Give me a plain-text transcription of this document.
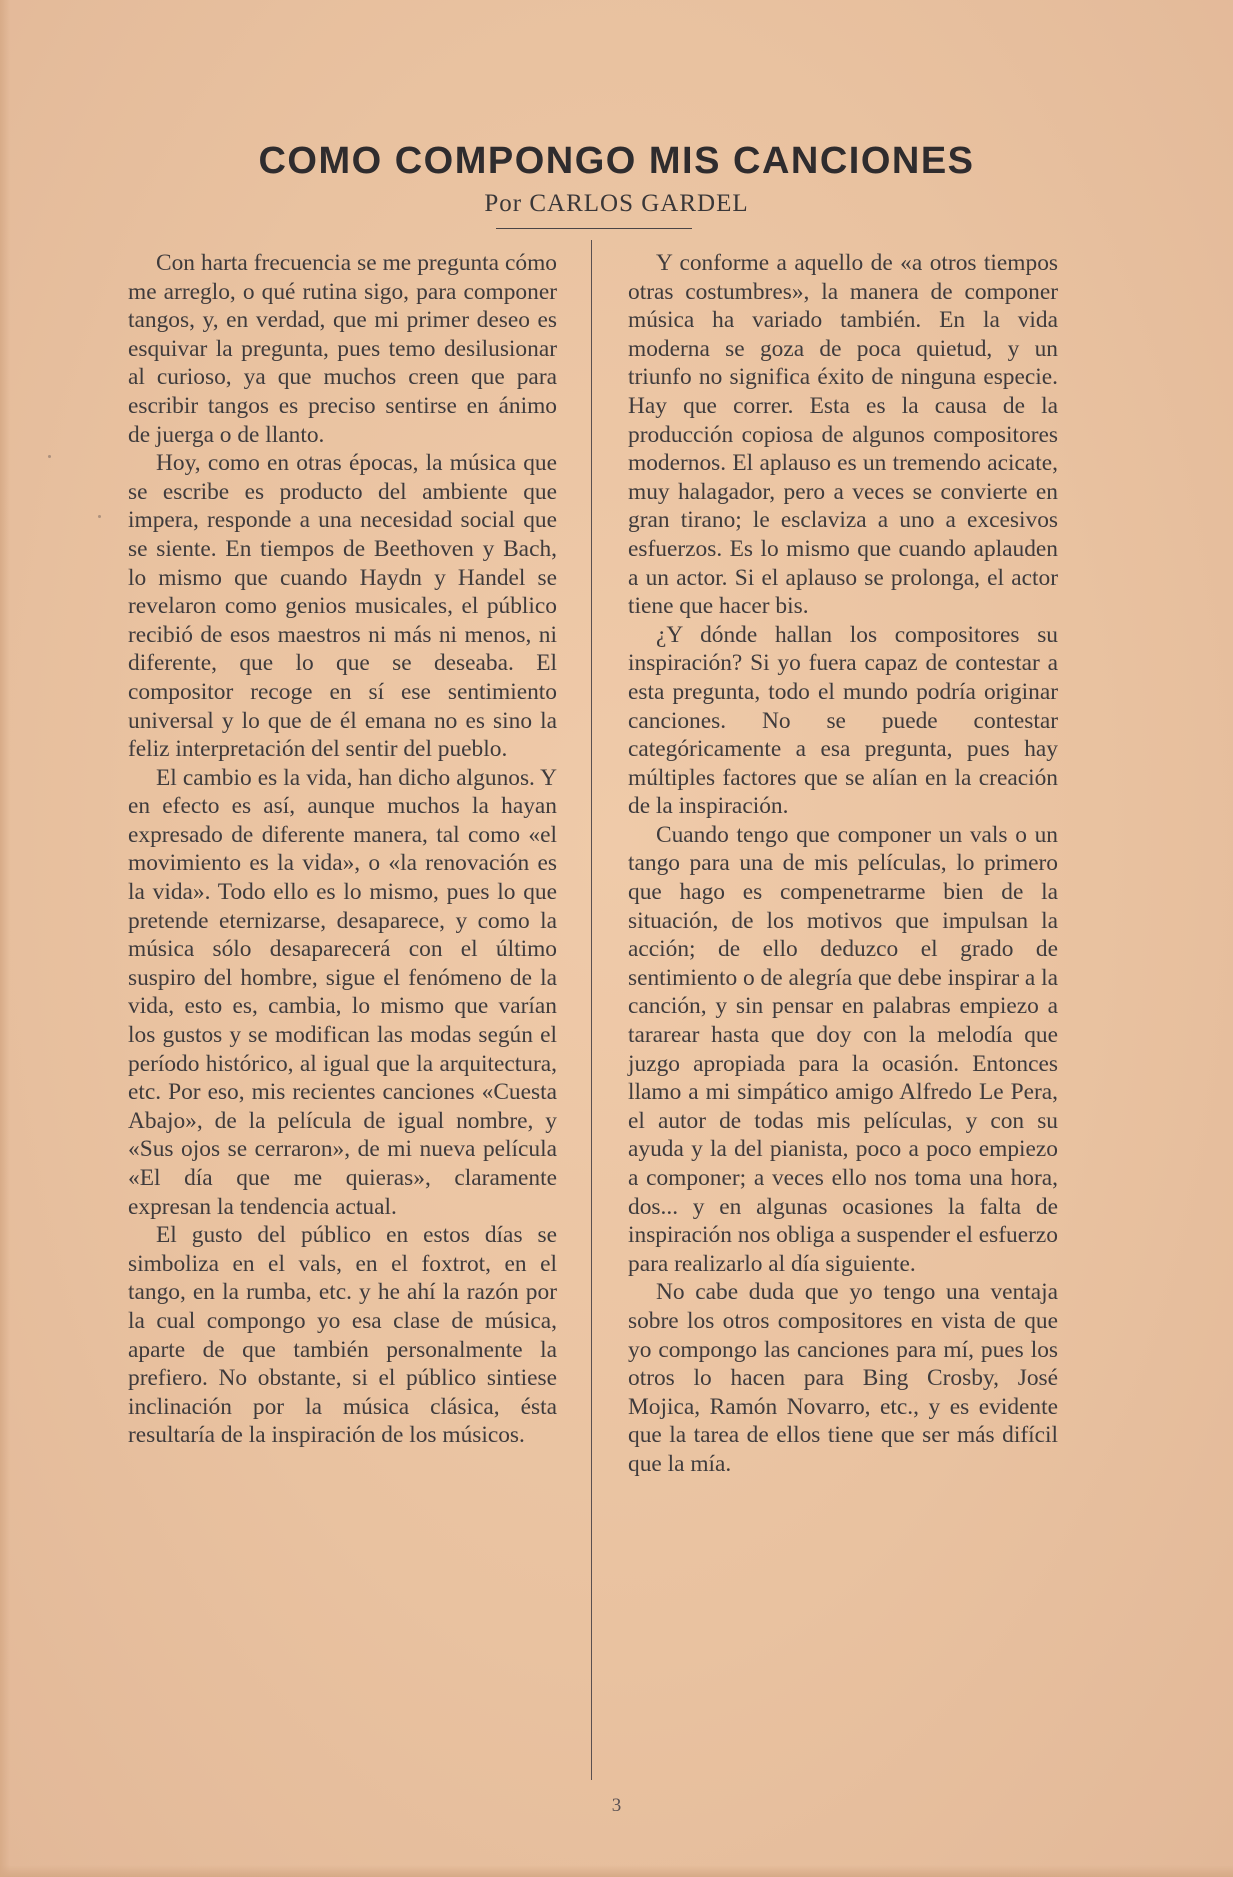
COMO COMPONGO MIS CANCIONES
Por CARLOS GARDEL

Con harta frecuencia se me pregunta cómo me arreglo, o qué rutina sigo, para componer tangos, y, en verdad, que mi primer deseo es esquivar la pregunta, pues temo desilusionar al curioso, ya que muchos creen que para escribir tangos es preciso sentirse en ánimo de juerga o de llanto.

Hoy, como en otras épocas, la música que se escribe es producto del ambiente que impera, responde a una necesidad social que se siente. En tiempos de Beethoven y Bach, lo mismo que cuando Haydn y Handel se revelaron como genios musicales, el público recibió de esos maestros ni más ni menos, ni diferente, que lo que se deseaba. El compositor recoge en sí ese sentimiento universal y lo que de él emana no es sino la feliz interpretación del sentir del pueblo.

El cambio es la vida, han dicho algunos. Y en efecto es así, aunque muchos la hayan expresado de diferente manera, tal como «el movimiento es la vida», o «la renovación es la vida». Todo ello es lo mismo, pues lo que pretende eternizarse, desaparece, y como la música sólo desaparecerá con el último suspiro del hombre, sigue el fenómeno de la vida, esto es, cambia, lo mismo que varían los gustos y se modifican las modas según el período histórico, al igual que la arquitectura, etc. Por eso, mis recientes canciones «Cuesta Abajo», de la película de igual nombre, y «Sus ojos se cerraron», de mi nueva película «El día que me quieras», claramente expresan la tendencia actual.

El gusto del público en estos días se simboliza en el vals, en el foxtrot, en el tango, en la rumba, etc. y he ahí la razón por la cual compongo yo esa clase de música, aparte de que también personalmente la prefiero. No obstante, si el público sintiese inclinación por la música clásica, ésta resultaría de la inspiración de los músicos.

Y conforme a aquello de «a otros tiempos otras costumbres», la manera de componer música ha variado también. En la vida moderna se goza de poca quietud, y un triunfo no significa éxito de ninguna especie. Hay que correr. Esta es la causa de la producción copiosa de algunos compositores modernos. El aplauso es un tremendo acicate, muy halagador, pero a veces se convierte en gran tirano; le esclaviza a uno a excesivos esfuerzos. Es lo mismo que cuando aplauden a un actor. Si el aplauso se prolonga, el actor tiene que hacer bis.

¿Y dónde hallan los compositores su inspiración? Si yo fuera capaz de contestar a esta pregunta, todo el mundo podría originar canciones. No se puede contestar categóricamente a esa pregunta, pues hay múltiples factores que se alían en la creación de la inspiración.

Cuando tengo que componer un vals o un tango para una de mis películas, lo primero que hago es compenetrarme bien de la situación, de los motivos que impulsan la acción; de ello deduzco el grado de sentimiento o de alegría que debe inspirar a la canción, y sin pensar en palabras empiezo a tararear hasta que doy con la melodía que juzgo apropiada para la ocasión. Entonces llamo a mi simpático amigo Alfredo Le Pera, el autor de todas mis películas, y con su ayuda y la del pianista, poco a poco empiezo a componer; a veces ello nos toma una hora, dos... y en algunas ocasiones la falta de inspiración nos obliga a suspender el esfuerzo para realizarlo al día siguiente.

No cabe duda que yo tengo una ventaja sobre los otros compositores en vista de que yo compongo las canciones para mí, pues los otros lo hacen para Bing Crosby, José Mojica, Ramón Novarro, etc., y es evidente que la tarea de ellos tiene que ser más difícil que la mía.

3
